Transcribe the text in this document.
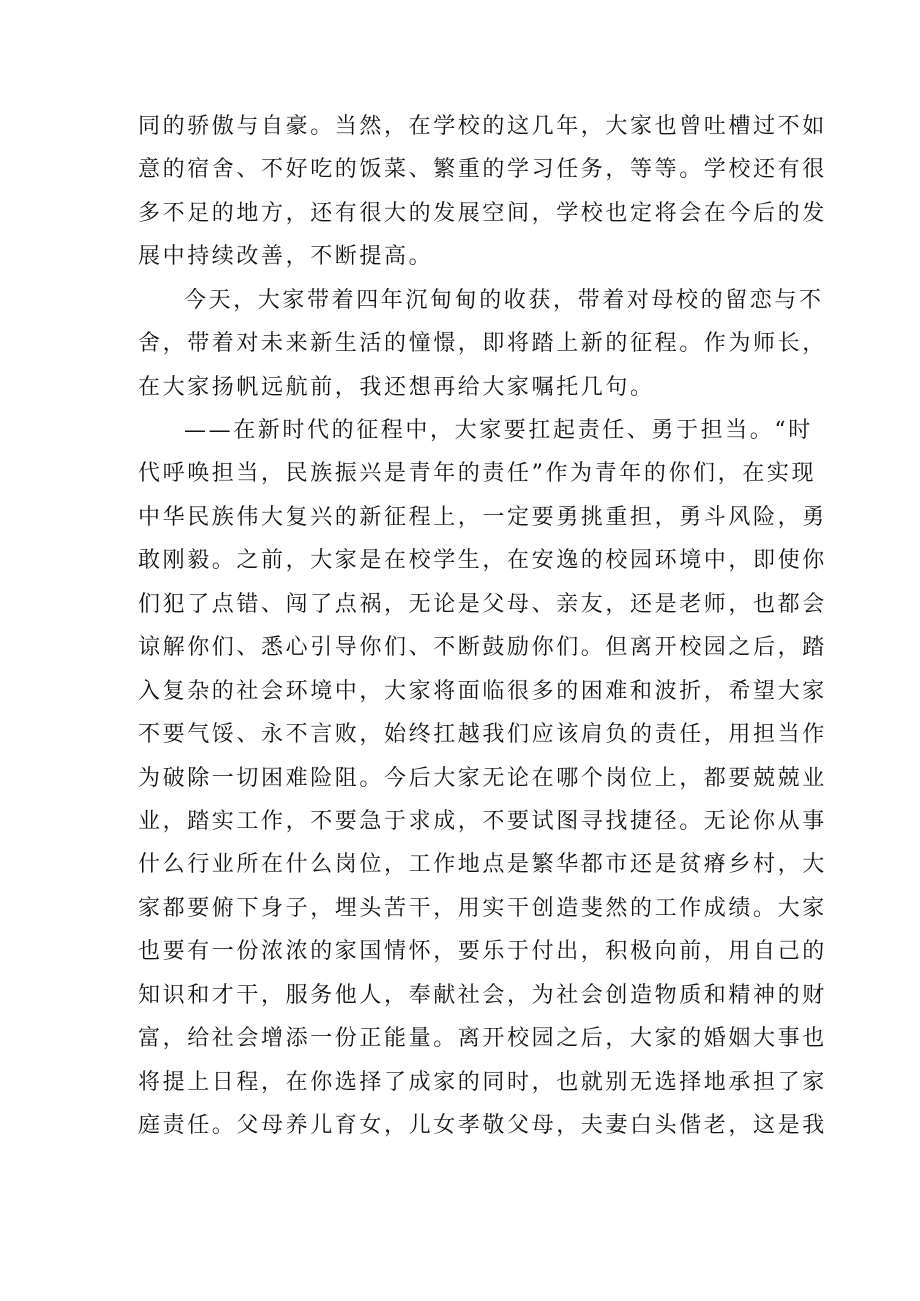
同的骄傲与自豪。当然，在学校的这几年，大家也曾吐槽过不如
意的宿舍、不好吃的饭菜、繁重的学习任务，等等。学校还有很
多不足的地方，还有很大的发展空间，学校也定将会在今后的发
展中持续改善，不断提高。
今天，大家带着四年沉甸甸的收获，带着对母校的留恋与不
舍，带着对未来新生活的憧憬，即将踏上新的征程。作为师长，
在大家扬帆远航前，我还想再给大家嘱托几句。
——在新时代的征程中，大家要扛起责任、勇于担当。“时
代呼唤担当，民族振兴是青年的责任”作为青年的你们，在实现
中华民族伟大复兴的新征程上，一定要勇挑重担，勇斗风险，勇
敢刚毅。之前，大家是在校学生，在安逸的校园环境中，即使你
们犯了点错、闯了点祸，无论是父母、亲友，还是老师，也都会
谅解你们、悉心引导你们、不断鼓励你们。但离开校园之后，踏
入复杂的社会环境中，大家将面临很多的困难和波折，希望大家
不要气馁、永不言败，始终扛越我们应该肩负的责任，用担当作
为破除一切困难险阻。今后大家无论在哪个岗位上，都要兢兢业
业，踏实工作，不要急于求成，不要试图寻找捷径。无论你从事
什么行业所在什么岗位，工作地点是繁华都市还是贫瘠乡村，大
家都要俯下身子，埋头苦干，用实干创造斐然的工作成绩。大家
也要有一份浓浓的家国情怀，要乐于付出，积极向前，用自己的
知识和才干，服务他人，奉献社会，为社会创造物质和精神的财
富，给社会增添一份正能量。离开校园之后，大家的婚姻大事也
将提上日程，在你选择了成家的同时，也就别无选择地承担了家
庭责任。父母养儿育女，儿女孝敬父母，夫妻白头偕老，这是我
